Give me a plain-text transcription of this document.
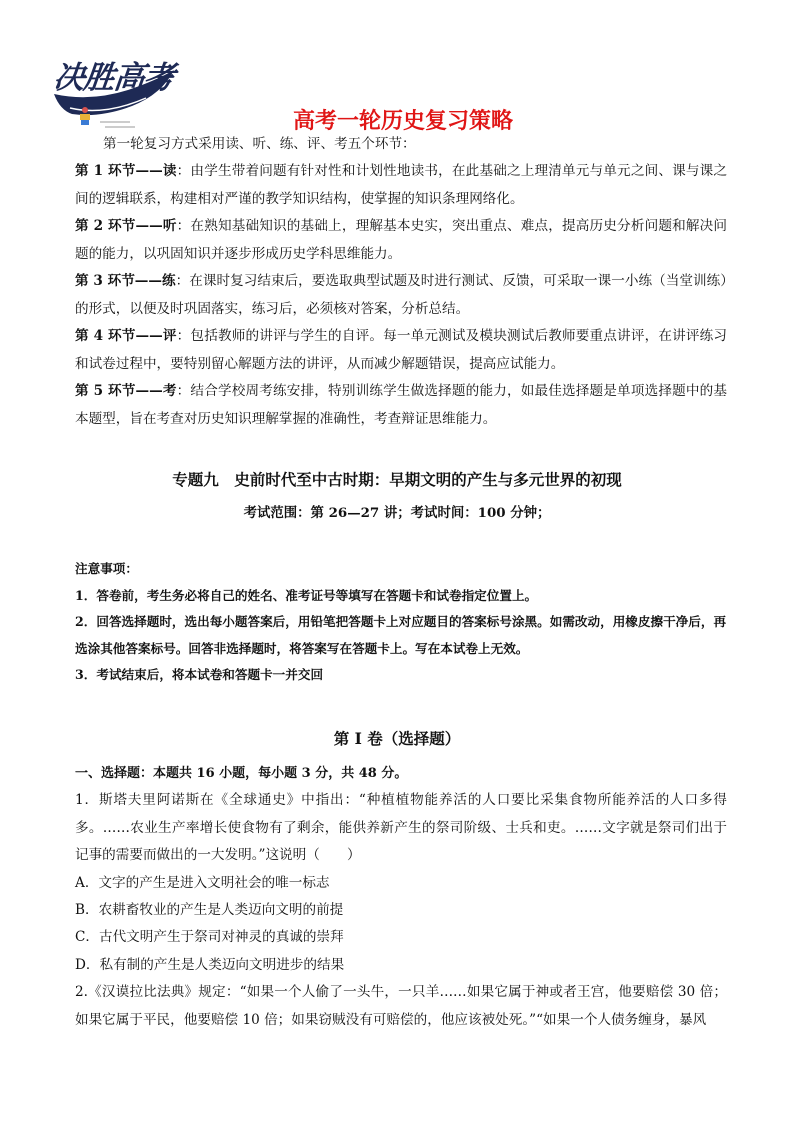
决胜高考
高考一轮历史复习策略
第一轮复习方式采用读、听、练、评、考五个环节：
第 1 环节——读：由学生带着问题有针对性和计划性地读书，在此基础之上理清单元与单元之间、课与课之间的逻辑联系，构建相对严谨的教学知识结构，使掌握的知识条理网络化。
第 2 环节——听：在熟知基础知识的基础上，理解基本史实，突出重点、难点，提高历史分析问题和解决问题的能力，以巩固知识并逐步形成历史学科思维能力。
第 3 环节——练：在课时复习结束后，要选取典型试题及时进行测试、反馈，可采取一课一小练（当堂训练）的形式，以便及时巩固落实，练习后，必须核对答案，分析总结。
第 4 环节——评：包括教师的讲评与学生的自评。每一单元测试及模块测试后教师要重点讲评，在讲评练习和试卷过程中，要特别留心解题方法的讲评，从而减少解题错误，提高应试能力。
第 5 环节——考：结合学校周考练安排，特别训练学生做选择题的能力，如最佳选择题是单项选择题中的基本题型，旨在考查对历史知识理解掌握的准确性，考查辩证思维能力。
专题九　史前时代至中古时期：早期文明的产生与多元世界的初现
考试范围：第 26—27 讲；考试时间：100 分钟；
注意事项：
1．答卷前，考生务必将自己的姓名、准考证号等填写在答题卡和试卷指定位置上。
2．回答选择题时，选出每小题答案后，用铅笔把答题卡上对应题目的答案标号涂黑。如需改动，用橡皮擦干净后，再选涂其他答案标号。回答非选择题时，将答案写在答题卡上。写在本试卷上无效。
3．考试结束后，将本试卷和答题卡一并交回
第 I 卷（选择题）
一、选择题：本题共 16 小题，每小题 3 分，共 48 分。
1．斯塔夫里阿诺斯在《全球通史》中指出：“种植植物能养活的人口要比采集食物所能养活的人口多得多。……农业生产率增长使食物有了剩余，能供养新产生的祭司阶级、士兵和吏。……文字就是祭司们出于记事的需要而做出的一大发明。”这说明（　　）
A．文字的产生是进入文明社会的唯一标志
B．农耕畜牧业的产生是人类迈向文明的前提
C．古代文明产生于祭司对神灵的真诚的崇拜
D．私有制的产生是人类迈向文明进步的结果
2.《汉谟拉比法典》规定：“如果一个人偷了一头牛，一只羊……如果它属于神或者王宫，他要赔偿 30 倍；如果它属于平民，他要赔偿 10 倍；如果窃贼没有可赔偿的，他应该被处死。”“如果一个人债务缠身，暴风
